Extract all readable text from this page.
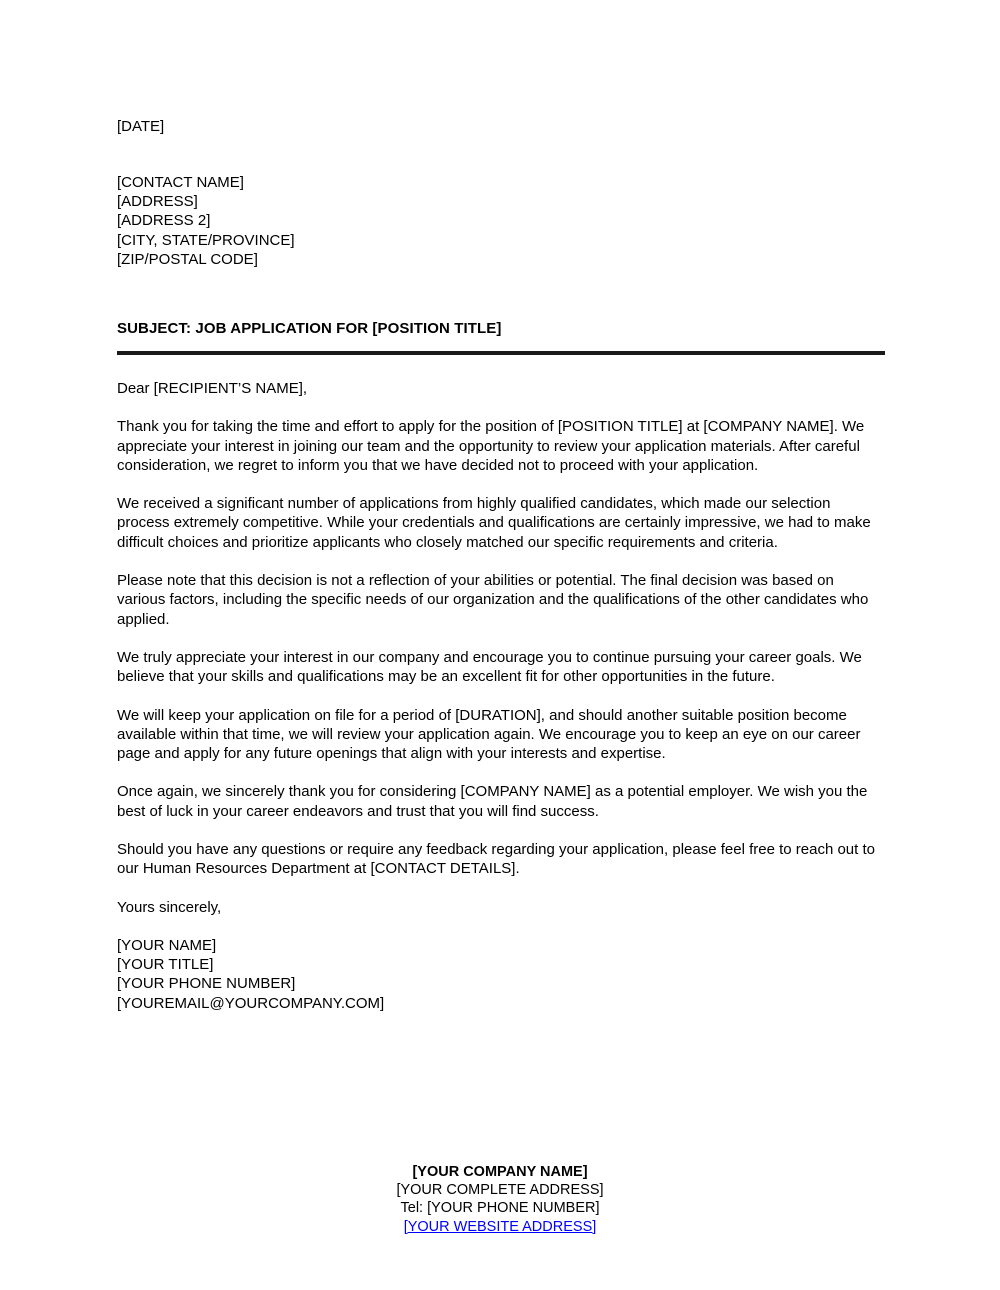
[DATE]
[CONTACT NAME]
[ADDRESS]
[ADDRESS 2]
[CITY, STATE/PROVINCE]
[ZIP/POSTAL CODE]
SUBJECT: JOB APPLICATION FOR [POSITION TITLE]

Dear [RECIPIENT’S NAME],

Thank you for taking the time and effort to apply for the position of [POSITION TITLE] at [COMPANY NAME]. We appreciate your interest in joining our team and the opportunity to review your application materials. After careful consideration, we regret to inform you that we have decided not to proceed with your application.

We received a significant number of applications from highly qualified candidates, which made our selection process extremely competitive. While your credentials and qualifications are certainly impressive, we had to make difficult choices and prioritize applicants who closely matched our specific requirements and criteria.

Please note that this decision is not a reflection of your abilities or potential. The final decision was based on various factors, including the specific needs of our organization and the qualifications of the other candidates who applied.

We truly appreciate your interest in our company and encourage you to continue pursuing your career goals. We believe that your skills and qualifications may be an excellent fit for other opportunities in the future.

We will keep your application on file for a period of [DURATION], and should another suitable position become available within that time, we will review your application again. We encourage you to keep an eye on our career page and apply for any future openings that align with your interests and expertise.

Once again, we sincerely thank you for considering [COMPANY NAME] as a potential employer. We wish you the best of luck in your career endeavors and trust that you will find success.

Should you have any questions or require any feedback regarding your application, please feel free to reach out to our Human Resources Department at [CONTACT DETAILS].

Yours sincerely,

[YOUR NAME]
[YOUR TITLE]
[YOUR PHONE NUMBER]
[YOUREMAIL@YOURCOMPANY.COM]
[YOUR COMPANY NAME]
[YOUR COMPLETE ADDRESS]
Tel: [YOUR PHONE NUMBER]
[YOUR WEBSITE ADDRESS]
